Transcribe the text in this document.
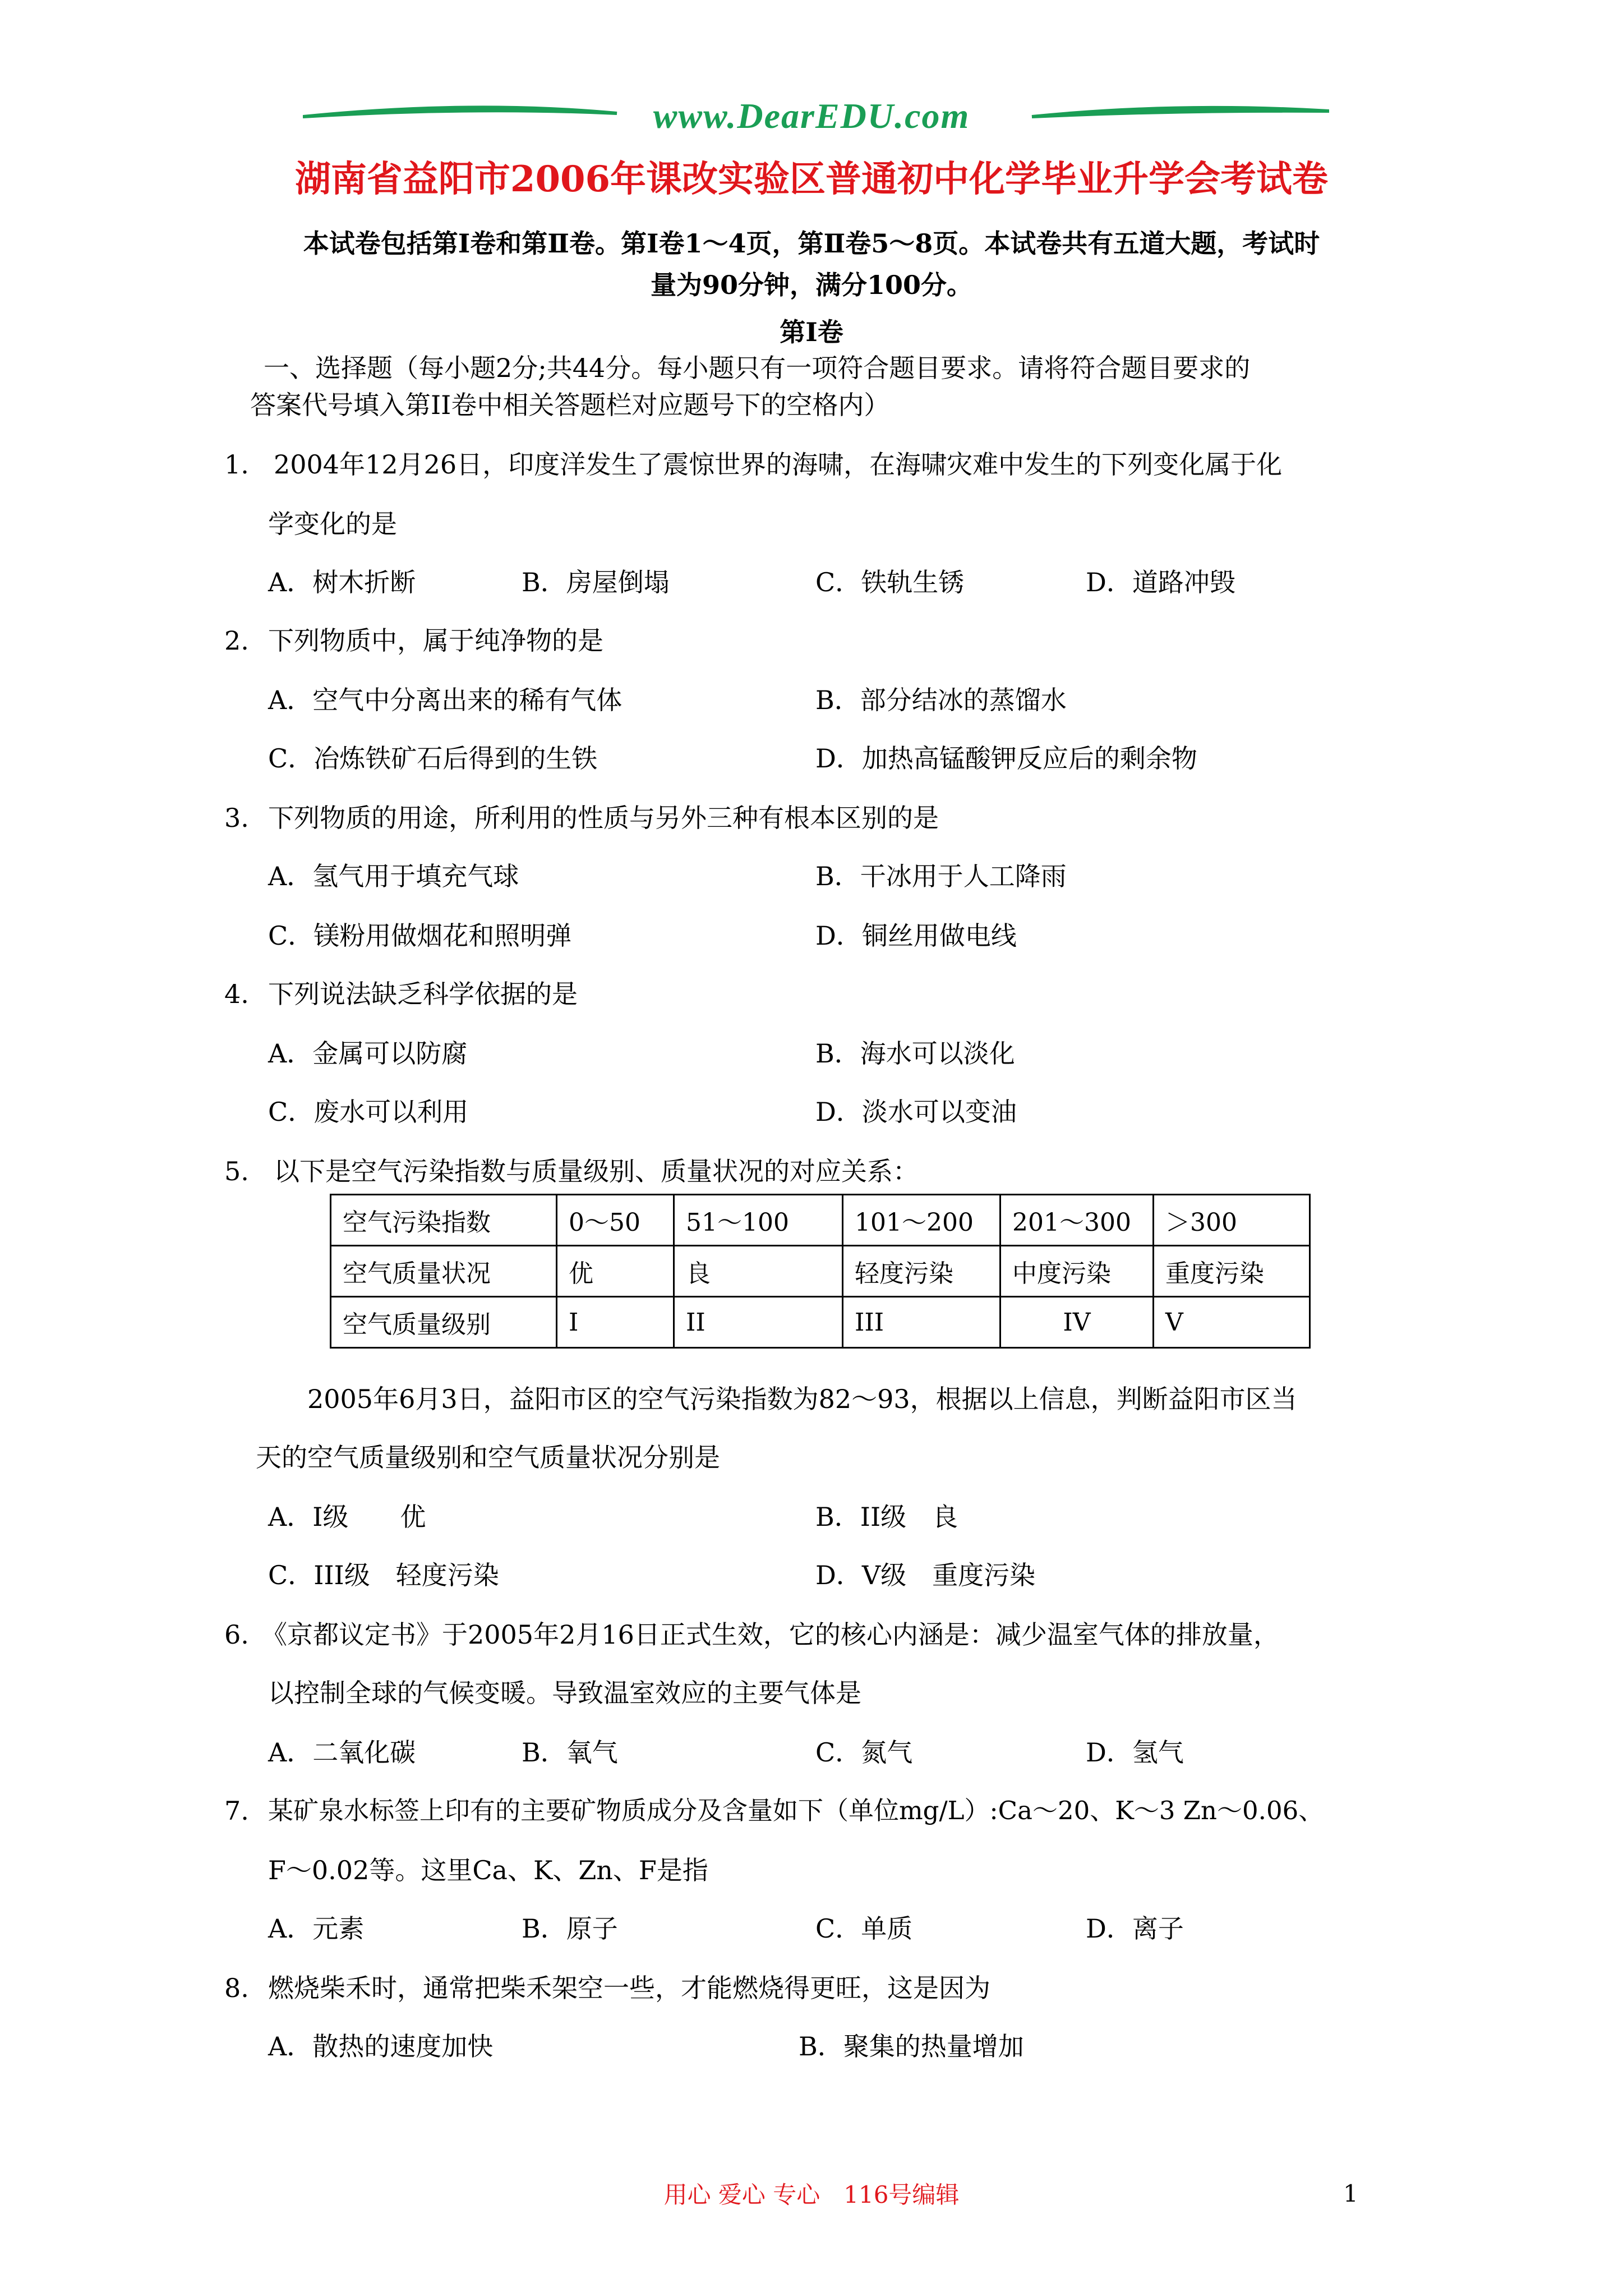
www.DearEDU.com
湖南省益阳市2006年课改实验区普通初中化学毕业升学会考试卷
本试卷包括第Ⅰ卷和第Ⅱ卷。第Ⅰ卷1～4页，第Ⅱ卷5～8页。本试卷共有五道大题，考试时
量为90分钟，满分100分。
第Ⅰ卷
一、选择题（每小题2分;共44分。每小题只有一项符合题目要求。请将符合题目要求的
答案代号填入第II卷中相关答题栏对应题号下的空格内）
1. 2004年12月26日，印度洋发生了震惊世界的海啸，在海啸灾难中发生的下列变化属于化
学变化的是
A．树木折断	B．房屋倒塌	C．铁轨生锈	D．道路冲毁
2. 下列物质中，属于纯净物的是
A．空气中分离出来的稀有气体	B．部分结冰的蒸馏水
C．冶炼铁矿石后得到的生铁	D．加热高锰酸钾反应后的剩余物
3. 下列物质的用途，所利用的性质与另外三种有根本区别的是
A．氢气用于填充气球	B．干冰用于人工降雨
C．镁粉用做烟花和照明弹	D．铜丝用做电线
4. 下列说法缺乏科学依据的是
A．金属可以防腐	B．海水可以淡化
C．废水可以利用	D．淡水可以变油
5. 以下是空气污染指数与质量级别、质量状况的对应关系：
空气污染指数	0～50	51～100	101～200	201～300	＞300
空气质量状况	优	良	轻度污染	中度污染	重度污染
空气质量级别	I	II	III	IV	V
2005年6月3日，益阳市区的空气污染指数为82～93，根据以上信息，判断益阳市区当
天的空气质量级别和空气质量状况分别是
A．I级　　优	B．II级　良
C．III级　轻度污染	D．V级　重度污染
6. 《京都议定书》于2005年2月16日正式生效，它的核心内涵是：减少温室气体的排放量，
以控制全球的气候变暖。导致温室效应的主要气体是
A．二氧化碳	B．氧气	C．氮气	D．氢气
7. 某矿泉水标签上印有的主要矿物质成分及含量如下（单位mg/L）:Ca～20、K～3 Zn～0.06、
F～0.02等。这里Ca、K、Zn、F是指
A．元素	B．原子	C．单质	D．离子
8. 燃烧柴禾时，通常把柴禾架空一些，才能燃烧得更旺，这是因为
A．散热的速度加快	B．聚集的热量增加
用心 爱心 专心　116号编辑	1
